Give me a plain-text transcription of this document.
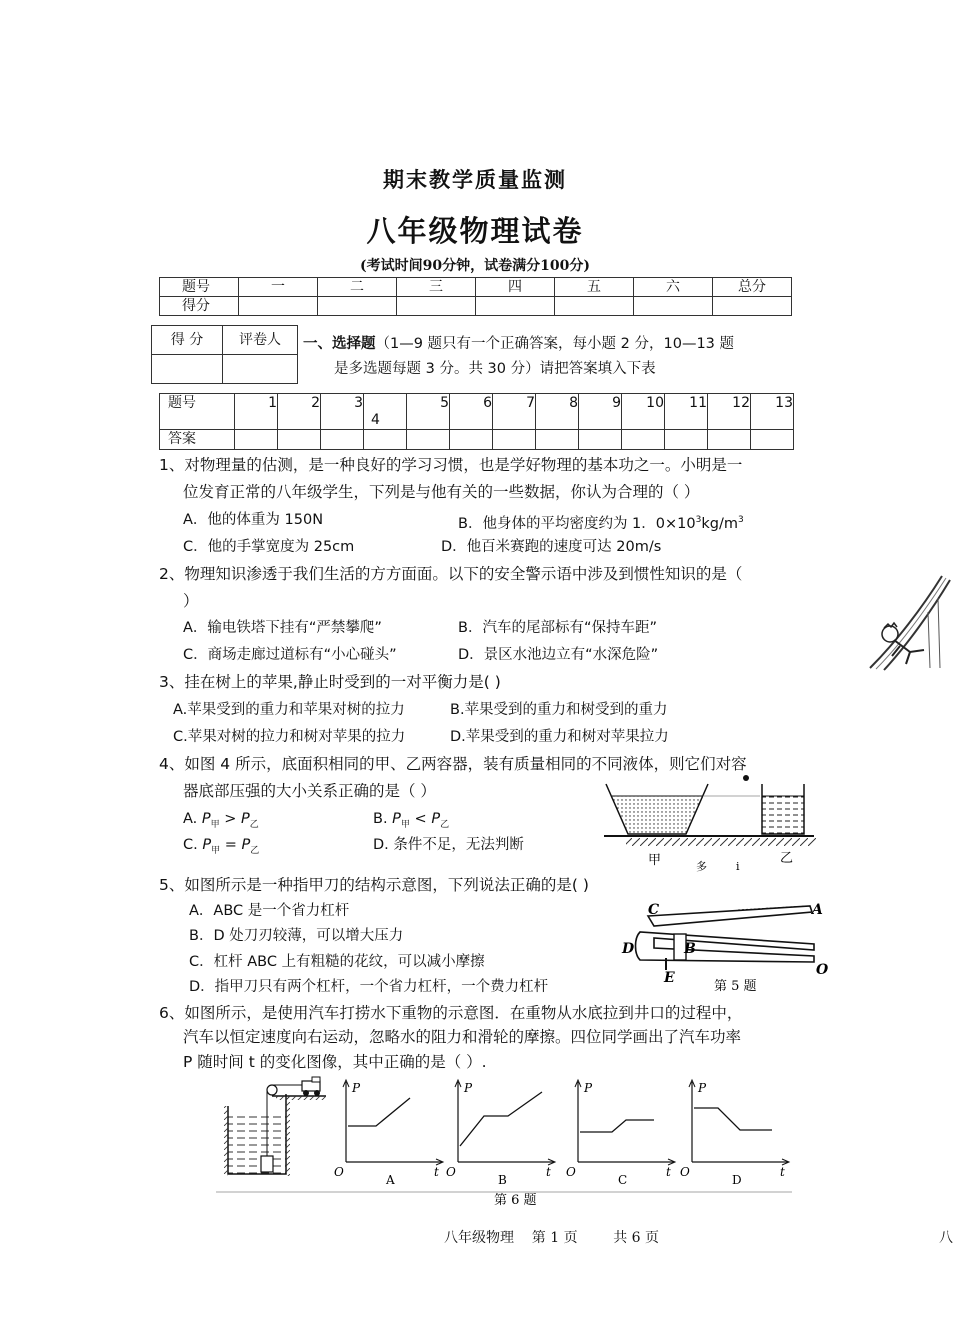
期末教学质量监测
八年级物理试卷
(考试时间90分钟，试卷满分100分)
题号	一	二	三	四	五	六	总分
得分							
得 分	评卷人
	一、选择题（1—9 题只有一个正确答案，每小题 2 分，10—13 题
是多选题每题 3 分。共 30 分）请把答案填入下表
题号	1	2	3	4	5	6	7	8	9	10	11	12	13
答案													
1、对物理量的估测，是一种良好的学习习惯，也是学好物理的基本功之一。小明是一
位发育正常的八年级学生，下列是与他有关的一些数据，你认为合理的（ ）
A．他的体重为 150N	B．他身体的平均密度约为 1．$0\times 10^3kg/m^3$
C．他的手掌宽度为 25cm	D．他百米赛跑的速度可达 20m/s
2、物理知识渗透于我们生活的方方面面。以下的安全警示语中涉及到惯性知识的是（
）
A．输电铁塔下挂有“严禁攀爬”	B．汽车的尾部标有“保持车距”
C．商场走廊过道标有“小心碰头”	D．景区水池边立有“水深危险”
3、挂在树上的苹果,静止时受到的一对平衡力是( )
A.苹果受到的重力和苹果对树的拉力	B.苹果受到的重力和树受到的重力
C.苹果对树的拉力和树对苹果的拉力	D.苹果受到的重力和树对苹果拉力
4、如图 4 所示，底面积相同的甲、乙两容器，装有质量相同的不同液体，则它们对容
器底部压强的大小关系正确的是（ ）
A. $P_甲 > P_乙$	B. $P_甲 < P_乙$
C. $P_甲 = P_乙$	D. 条件不足，无法判断
甲	多	i
乙
5、如图所示是一种指甲刀的结构示意图，下列说法正确的是( )
A．ABC 是一个省力杠杆
B．D 处刀刃较薄，可以增大压力
C．杠杆 ABC 上有粗糙的花纹，可以减小摩擦
D．指甲刀只有两个杠杆，一个省力杠杆，一个费力杠杆
C	A
D	B
E	O
第 5 题
6、如图所示，是使用汽车打捞水下重物的示意图．在重物从水底拉到井口的过程中，
汽车以恒定速度向右运动，忽略水的阻力和滑轮的摩擦。四位同学画出了汽车功率
P 随时间 t 的变化图像，其中正确的是（ ）.
P
t
O
A
P
t
O
B
P
t
O
C
P
t
O
D
第 6 题
八年级物理    第 1 页        共 6 页	八
